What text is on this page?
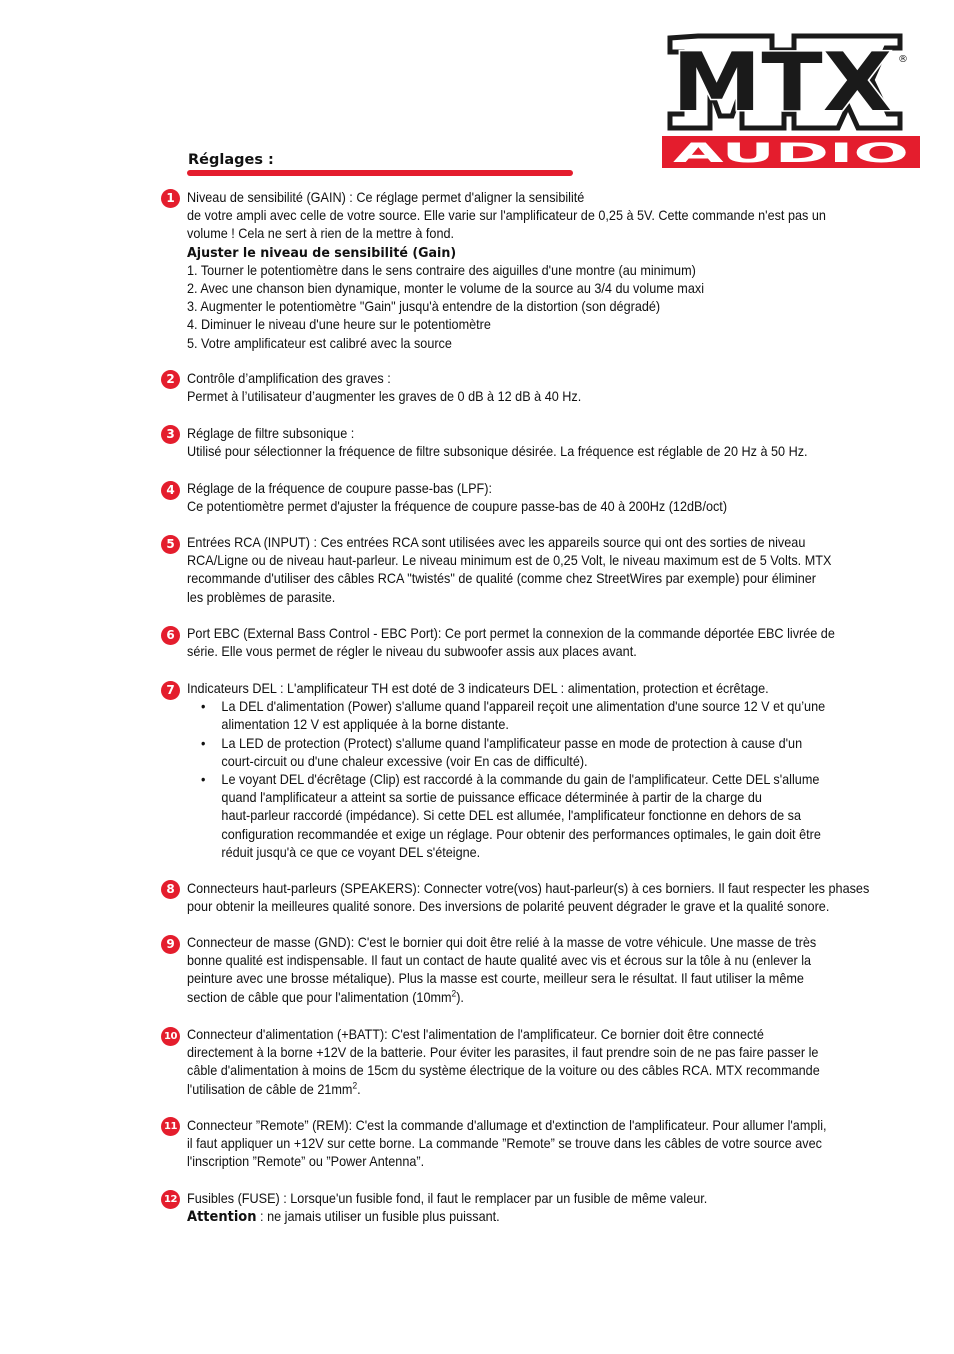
MTX ®
AUDIO
Réglages :
1 Niveau de sensibilité (GAIN) : Ce réglage permet d'aligner la sensibilité
de votre ampli avec celle de votre source. Elle varie sur l'amplificateur de 0,25 à 5V. Cette commande n'est pas un
volume ! Cela ne sert à rien de la mettre à fond.
Ajuster le niveau de sensibilité (Gain)
1. Tourner le potentiomètre dans le sens contraire des aiguilles d'une montre (au minimum)
2. Avec une chanson bien dynamique, monter le volume de la source au 3/4 du volume maxi
3. Augmenter le potentiomètre "Gain" jusqu'à entendre de la distortion (son dégradé)
4. Diminuer le niveau d'une heure sur le potentiomètre
5. Votre amplificateur est calibré avec la source
2 Contrôle d’amplification des graves :
Permet à l’utilisateur d’augmenter les graves de 0 dB à 12 dB à 40 Hz.
3 Réglage de filtre subsonique :
Utilisé pour sélectionner la fréquence de filtre subsonique désirée. La fréquence est réglable de 20 Hz à 50 Hz.
4 Réglage de la fréquence de coupure passe-bas (LPF):
Ce potentiomètre permet d'ajuster la fréquence de coupure passe-bas de 40 à 200Hz (12dB/oct)
5 Entrées RCA (INPUT) : Ces entrées RCA sont utilisées avec les appareils source qui ont des sorties de niveau
RCA/Ligne ou de niveau haut-parleur. Le niveau minimum est de 0,25 Volt, le niveau maximum est de 5 Volts. MTX
recommande d'utiliser des câbles RCA "twistés" de qualité (comme chez StreetWires par exemple) pour éliminer
les problèmes de parasite.
6 Port EBC (External Bass Control - EBC Port): Ce port permet la connexion de la commande déportée EBC livrée de
série. Elle vous permet de régler le niveau du subwoofer assis aux places avant.
7 Indicateurs DEL : L'amplificateur TH est doté de 3 indicateurs DEL : alimentation, protection et écrêtage.
• La DEL d'alimentation (Power) s'allume quand l'appareil reçoit une alimentation d'une source 12 V et qu’une
alimentation 12 V est appliquée à la borne distante.
• La LED de protection (Protect) s'allume quand l'amplificateur passe en mode de protection à cause d'un
court-circuit ou d'une chaleur excessive (voir En cas de difficulté).
• Le voyant DEL d'écrêtage (Clip) est raccordé à la commande du gain de l'amplificateur. Cette DEL s'allume
quand l'amplificateur a atteint sa sortie de puissance efficace déterminée à partir de la charge du
haut-parleur raccordé (impédance). Si cette DEL est allumée, l'amplificateur fonctionne en dehors de sa
configuration recommandée et exige un réglage. Pour obtenir des performances optimales, le gain doit être
réduit jusqu'à ce que ce voyant DEL s'éteigne.
8 Connecteurs haut-parleurs (SPEAKERS): Connecter votre(vos) haut-parleur(s) à ces borniers. Il faut respecter les phases
pour obtenir la meilleures qualité sonore. Des inversions de polarité peuvent dégrader le grave et la qualité sonore.
9 Connecteur de masse (GND): C'est le bornier qui doit être relié à la masse de votre véhicule. Une masse de très
bonne qualité est indispensable. Il faut un contact de haute qualité avec vis et écrous sur la tôle à nu (enlever la
peinture avec une brosse métalique). Plus la masse est courte, meilleur sera le résultat. Il faut utiliser la même
section de câble que pour l'alimentation $(10mm^2)$.
10 Connecteur d'alimentation (+BATT): C'est l'alimentation de l'amplificateur. Ce bornier doit être connecté
directement à la borne +12V de la batterie. Pour éviter les parasites, il faut prendre soin de ne pas faire passer le
câble d'alimentation à moins de 15cm du système électrique de la voiture ou des câbles RCA. MTX recommande
l'utilisation de câble de $21mm^2$.
11 Connecteur ”Remote” (REM): C'est la commande d'allumage et d'extinction de l'amplificateur. Pour allumer l'ampli,
il faut appliquer un +12V sur cette borne. La commande ”Remote” se trouve dans les câbles de votre source avec
l'inscription ”Remote” ou ”Power Antenna”.
12 Fusibles (FUSE) : Lorsque'un fusible fond, il faut le remplacer par un fusible de même valeur.
Attention : ne jamais utiliser un fusible plus puissant.
